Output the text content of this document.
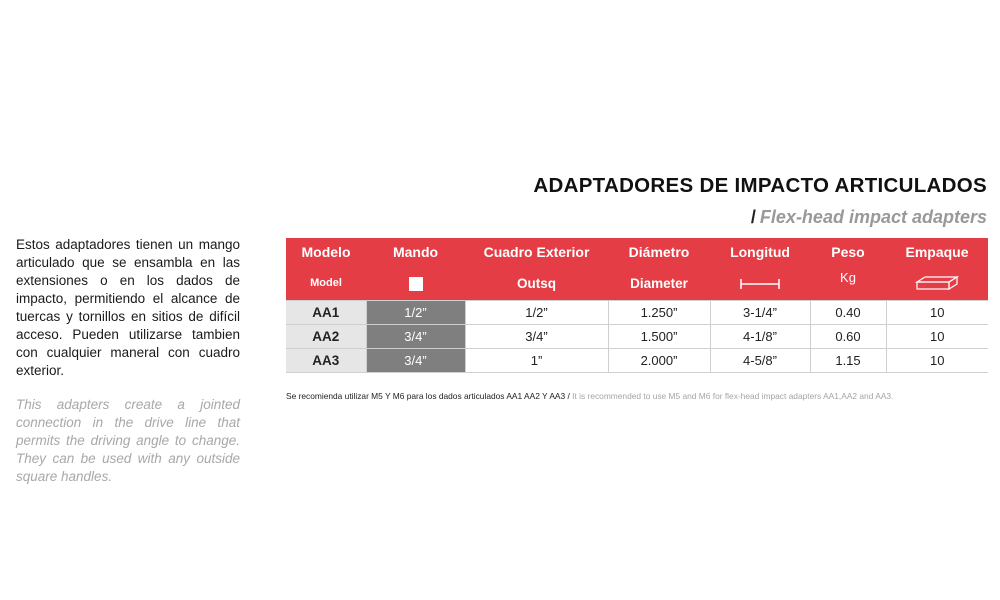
Estos adaptadores tienen un mango articulado que se ensambla en las extensiones o en los dados de impacto, permitiendo el alcance de tuercas y tornillos en sitios de difícil acceso. Pueden utilizarse tambien con cualquier maneral con cuadro exterior.

This adapters create a jointed connection in the drive line that permits the driving angle to change. They can be used with any outside square handles.

ADAPTADORES DE IMPACTO ARTICULADOS
/ Flex-head impact adapters
Modelo	Mando	Cuadro Exterior	Diámetro	Longitud	Peso	Empaque
Model		Outsq	Diameter		Kg	
AA1	1/2”	1/2”	1.250”	3-1/4”	0.40	10
AA2	3/4”	3/4”	1.500”	4-1/8”	0.60	10
AA3	3/4”	1”	2.000”	4-5/8”	1.15	10

Se recomienda utilizar M5 Y M6 para los dados articulados AA1 AA2 Y AA3 / It is recommended to use M5 and M6 for flex-head impact adapters AA1,AA2 and AA3.
